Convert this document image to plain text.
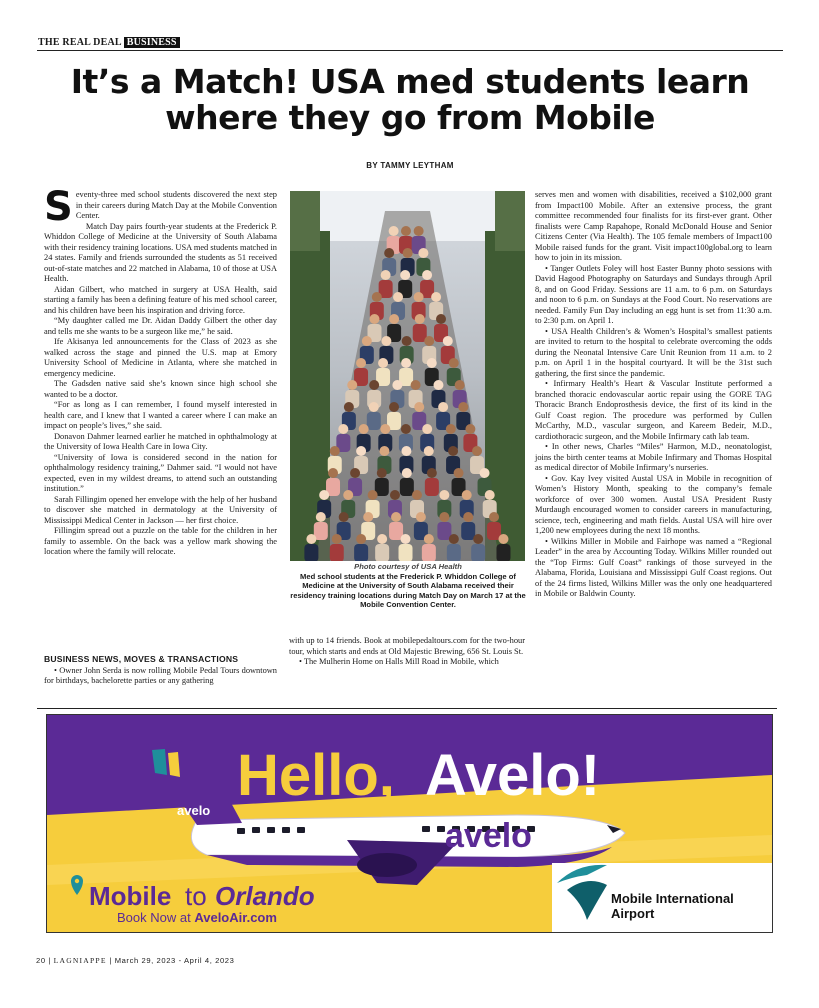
THE REAL DEAL BUSINESS
It’s a Match! USA med students learn where they go from Mobile
BY TAMMY LEYTHAM

Seventy-three med school students discovered the next step in their careers during Match Day at the Mobile Convention Center.

Match Day pairs fourth-year students at the Frederick P. Whiddon College of Medicine at the University of South Alabama with their residency training locations. USA med students matched in 24 states. Family and friends surrounded the students as 51 received out-of-state matches and 22 matched in Alabama, 10 of those at USA Health.

Aidan Gilbert, who matched in surgery at USA Health, said starting a family has been a defining feature of his med school career, and his children have been his inspiration and driving force.

“My daughter called me Dr. Aidan Daddy Gilbert the other day and tells me she wants to be a surgeon like me,” he said.

Ife Akisanya led announcements for the Class of 2023 as she walked across the stage and pinned the U.S. map at Emory University School of Medicine in Atlanta, where she matched in emergency medicine.

The Gadsden native said she’s known since high school she wanted to be a doctor.

“For as long as I can remember, I found myself interested in health care, and I knew that I wanted a career where I can make an impact on people’s lives,” she said.

Donavon Dahmer learned earlier he matched in ophthalmology at the University of Iowa Health Care in Iowa City.

“University of Iowa is considered second in the nation for ophthalmology residency training,” Dahmer said. “I would not have expected, even in my wildest dreams, to attend such an outstanding institution.”

Sarah Fillingim opened her envelope with the help of her husband to discover she matched in dermatology at the University of Mississippi Medical Center in Jackson — her first choice.

Fillingim spread out a puzzle on the table for the children in her family to assemble. On the back was a yellow mark showing the location where the family will relocate.

BUSINESS NEWS, MOVES & TRANSACTIONS

• Owner John Serda is now rolling Mobile Pedal Tours downtown for birthdays, bachelorette parties or any gathering

Photo courtesy of USA Health
Med school students at the Frederick P. Whiddon College of Medicine at the University of South Alabama received their residency training locations during Match Day on March 17 at the Mobile Convention Center.

with up to 14 friends. Book at mobilepedaltours.com for the two-hour tour, which starts and ends at Old Majestic Brewing, 656 St. Louis St.

• The Mulherin Home on Halls Mill Road in Mobile, which

serves men and women with disabilities, received a $102,000 grant from Impact100 Mobile. After an extensive process, the grant committee recommended four finalists for its first-ever grant. Other finalists were Camp Rapahope, Ronald McDonald House and Senior Citizens Center (Via Health). The 105 female members of Impact100 Mobile raised funds for the grant. Visit impact100global.org to learn how to join in its mission.

• Tanger Outlets Foley will host Easter Bunny photo sessions with David Hagood Photography on Saturdays and Sundays through April 8, and on Good Friday. Sessions are 11 a.m. to 6 p.m. on Saturdays and noon to 6 p.m. on Sundays at the Food Court. No reservations are needed. Family Fun Day including an egg hunt is set from 11:30 a.m. to 2:30 p.m. on April 1.

• USA Health Children’s & Women’s Hospital’s smallest patients are invited to return to the hospital to celebrate overcoming the odds during the Neonatal Intensive Care Unit Reunion from 11 a.m. to 2 p.m. on April 1 in the hospital courtyard. It will be the 31st such gathering, the first since the pandemic.

• Infirmary Health’s Heart & Vascular Institute performed a branched thoracic endovascular aortic repair using the GORE TAG Thoracic Branch Endoprosthesis device, the first of its kind in the Gulf Coast region. The procedure was performed by Cullen McCarthy, M.D., vascular surgeon, and Kareem Bedeir, M.D., cardiothoracic surgeon, and the Mobile Infirmary cath lab team.

• In other news, Charles “Miles” Harmon, M.D., neonatologist, joins the birth center teams at Mobile Infirmary and Thomas Hospital as medical director of Mobile Infirmary’s nurseries.

• Gov. Kay Ivey visited Austal USA in Mobile in recognition of Women’s History Month, speaking to the company’s female workforce of over 300 women. Austal USA President Rusty Murdaugh encouraged women to consider careers in manufacturing, science, tech, engineering and math fields. Austal USA will hire over 1,200 new employees during the next 18 months.

• Wilkins Miller in Mobile and Fairhope was named a “Regional Leader” in the area by Accounting Today. Wilkins Miller rounded out the “Top Firms: Gulf Coast” rankings of those surveyed in the Alabama, Florida, Louisiana and Mississippi Gulf Coast regions. Out of the 24 firms listed, Wilkins Miller was the only one headquartered in Mobile or Baldwin County.

Hello, Avelo!
avelo
avelo
Mobile to Orlando
Book Now at AveloAir.com
Mobile International
Airport
20 | LAGNIAPPE | March 29, 2023 - April 4, 2023
